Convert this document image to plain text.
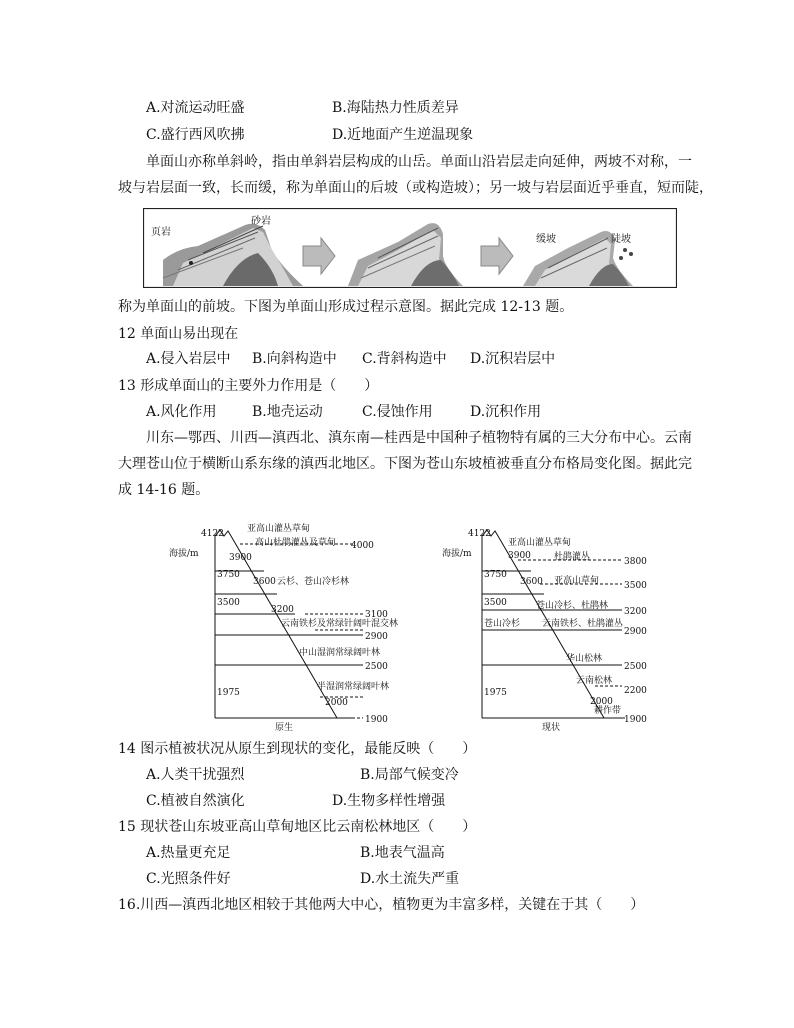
A.对流运动旺盛	B.海陆热力性质差异
C.盛行西风吹拂	D.近地面产生逆温现象
单面山亦称单斜岭，指由单斜岩层构成的山岳。单面山沿岩层走向延伸，两坡不对称，一
坡与岩层面一致，长而缓，称为单面山的后坡（或构造坡）；另一坡与岩层面近乎垂直，短而陡，
页岩
砂岩
缓坡	陡坡
称为单面山的前坡。下图为单面山形成过程示意图。据此完成 12-13 题。
12 单面山易出现在
A.侵入岩层中 B.向斜构造中 C.背斜构造中 D.沉积岩层中
13 形成单面山的主要外力作用是（　　）
A.风化作用	B.地壳运动	C.侵蚀作用	D.沉积作用
川东—鄂西、川西—滇西北、滇东南—桂西是中国种子植物特有属的三大分布中心。云南
大理苍山位于横断山系东缘的滇西北地区。下图为苍山东坡植被垂直分布格局变化图。据此完
成 14-16 题。
4122
海拔/m
3750
3500
1975
3900
3600
3200
2000
4000
3100
2900
2500
1900
亚高山灌丛草甸
高山杜鹃灌丛及草甸
云杉、苍山冷杉林
云南铁杉及常绿针阔叶混交林
中山湿润常绿阔叶林
半湿润常绿阔叶林
原生
4122
海拔/m
3750
3500
1975
3900
3600
2000
3800
3500
3200
2900
2500
2200
1900
亚高山灌丛草甸
杜鹃灌丛
亚高山草甸
苍山冷杉、杜鹃林
苍山冷杉 云南铁杉、杜鹃灌丛
华山松林
云南松林
耕作带
现状
14 图示植被状况从原生到现状的变化，最能反映（　　）
A.人类干扰强烈	B.局部气候变冷
C.植被自然演化	D.生物多样性增强
15 现状苍山东坡亚高山草甸地区比云南松林地区（　　）
A.热量更充足	B.地表气温高
C.光照条件好	D.水土流失严重
16.川西—滇西北地区相较于其他两大中心，植物更为丰富多样，关键在于其（　　）
